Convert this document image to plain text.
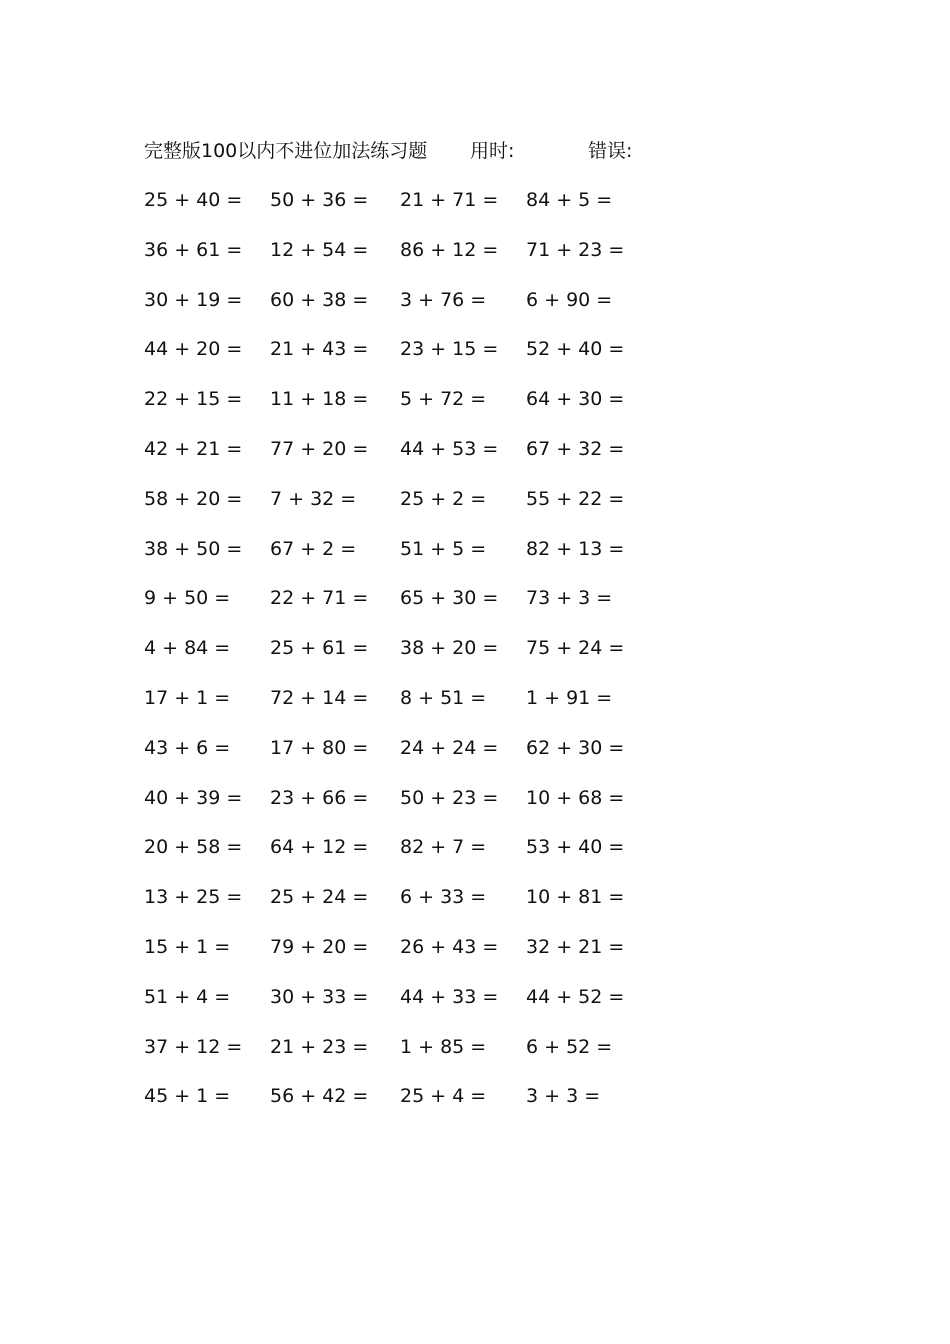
完整版100以内不进位加法练习题 用时:	错误:
25 + 40 = 50 + 36 = 21 + 71 = 84 + 5 =
36 + 61 = 12 + 54 = 86 + 12 = 71 + 23 =
30 + 19 = 60 + 38 = 3 + 76 = 6 + 90 =
44 + 20 = 21 + 43 = 23 + 15 = 52 + 40 =
22 + 15 = 11 + 18 = 5 + 72 = 64 + 30 =
42 + 21 = 77 + 20 = 44 + 53 = 67 + 32 =
58 + 20 = 7 + 32 = 25 + 2 = 55 + 22 =
38 + 50 = 67 + 2 = 51 + 5 = 82 + 13 =
9 + 50 = 22 + 71 = 65 + 30 = 73 + 3 =
4 + 84 = 25 + 61 = 38 + 20 = 75 + 24 =
17 + 1 = 72 + 14 = 8 + 51 = 1 + 91 =
43 + 6 = 17 + 80 = 24 + 24 = 62 + 30 =
40 + 39 = 23 + 66 = 50 + 23 = 10 + 68 =
20 + 58 = 64 + 12 = 82 + 7 = 53 + 40 =
13 + 25 = 25 + 24 = 6 + 33 = 10 + 81 =
15 + 1 = 79 + 20 = 26 + 43 = 32 + 21 =
51 + 4 = 30 + 33 = 44 + 33 = 44 + 52 =
37 + 12 = 21 + 23 = 1 + 85 = 6 + 52 =
45 + 1 = 56 + 42 = 25 + 4 = 3 + 3 =
